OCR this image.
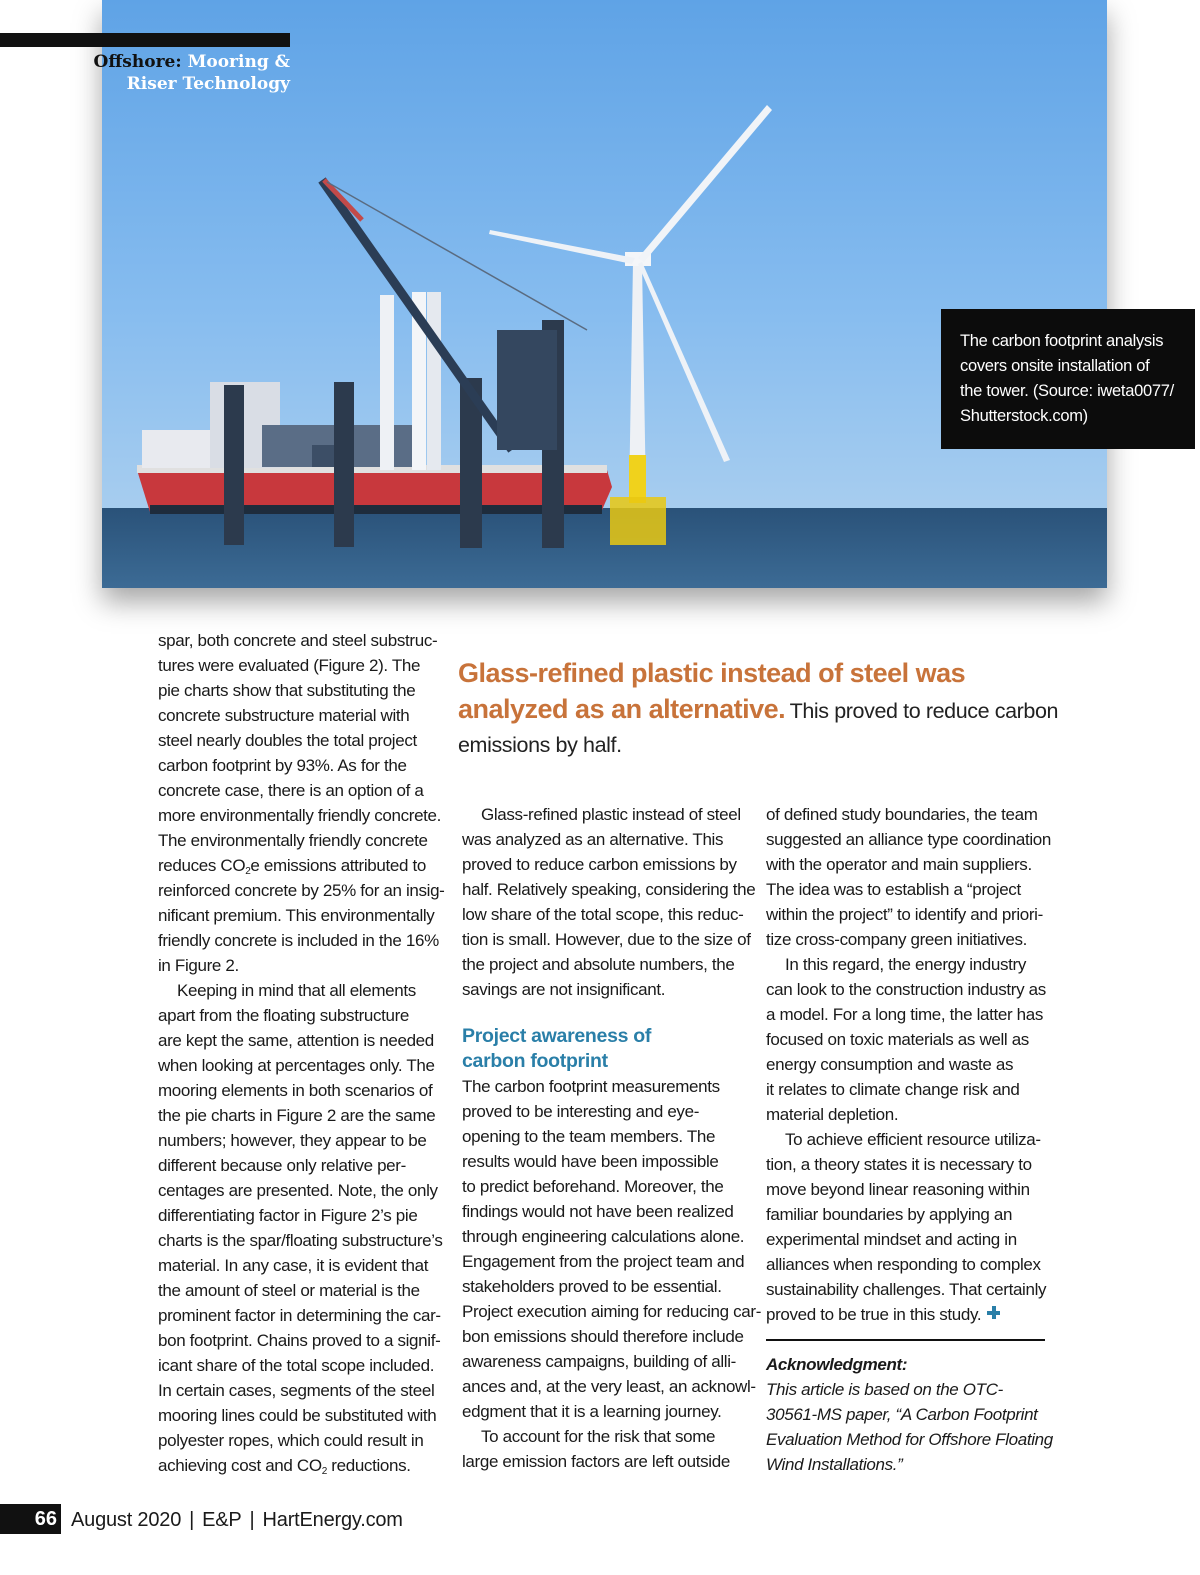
Offshore: Mooring &
Riser Technology
The carbon footprint analysis
covers onsite installation of
the tower. (Source: iweta0077/
Shutterstock.com)
spar, both concrete and steel substruc-
tures were evaluated (Figure 2). The
pie charts show that substituting the
concrete substructure material with
steel nearly doubles the total project
carbon footprint by 93%. As for the
concrete case, there is an option of a
more environmentally friendly concrete.
The environmentally friendly concrete
reduces $CO_2e$ emissions attributed to
reinforced concrete by 25% for an insig-
nificant premium. This environmentally
friendly concrete is included in the 16%
in Figure 2.
Keeping in mind that all elements
apart from the floating substructure
are kept the same, attention is needed
when looking at percentages only. The
mooring elements in both scenarios of
the pie charts in Figure 2 are the same
numbers; however, they appear to be
different because only relative per-
centages are presented. Note, the only
differentiating factor in Figure 2’s pie
charts is the spar/floating substructure’s
material. In any case, it is evident that
the amount of steel or material is the
prominent factor in determining the car-
bon footprint. Chains proved to a signif-
icant share of the total scope included.
In certain cases, segments of the steel
mooring lines could be substituted with
polyester ropes, which could result in
achieving cost and $CO_2$ reductions.
Glass-refined plastic instead of steel was
analyzed as an alternative. This proved to reduce carbon
emissions by half.
Glass-refined plastic instead of steel
was analyzed as an alternative. This
proved to reduce carbon emissions by
half. Relatively speaking, considering the
low share of the total scope, this reduc-
tion is small. However, due to the size of
the project and absolute numbers, the
savings are not insignificant.
Project awareness of
carbon footprint
The carbon footprint measurements
proved to be interesting and eye-
opening to the team members. The
results would have been impossible
to predict beforehand. Moreover, the
findings would not have been realized
through engineering calculations alone.
Engagement from the project team and
stakeholders proved to be essential.
Project execution aiming for reducing car-
bon emissions should therefore include
awareness campaigns, building of alli-
ances and, at the very least, an acknowl-
edgment that it is a learning journey.
To account for the risk that some
large emission factors are left outside
of defined study boundaries, the team
suggested an alliance type coordination
with the operator and main suppliers.
The idea was to establish a “project
within the project” to identify and priori-
tize cross-company green initiatives.
In this regard, the energy industry
can look to the construction industry as
a model. For a long time, the latter has
focused on toxic materials as well as
energy consumption and waste as
it relates to climate change risk and
material depletion.
To achieve efficient resource utiliza-
tion, a theory states it is necessary to
move beyond linear reasoning within
familiar boundaries by applying an
experimental mindset and acting in
alliances when responding to complex
sustainability challenges. That certainly
proved to be true in this study.
Acknowledgment:
This article is based on the OTC-
30561-MS paper, “A Carbon Footprint
Evaluation Method for Offshore Floating
Wind Installations.”
66 August 2020 | E&P | HartEnergy.com
